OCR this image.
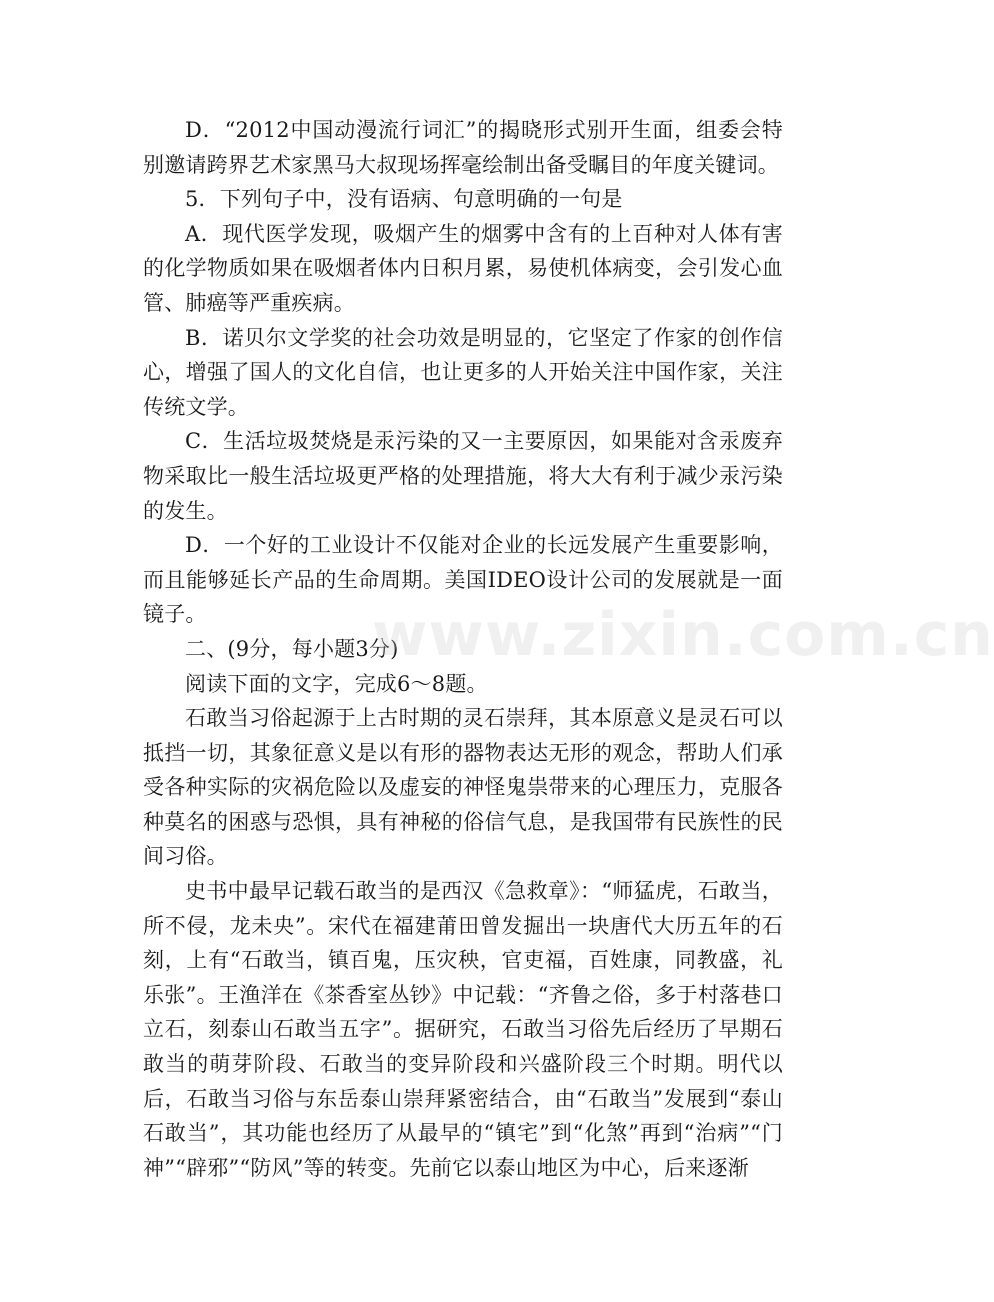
D．“2012中国动漫流行词汇”的揭晓形式别开生面，组委会特别邀请跨界艺术家黑马大叔现场挥毫绘制出备受瞩目的年度关键词。

5．下列句子中，没有语病、句意明确的一句是

A．现代医学发现，吸烟产生的烟雾中含有的上百种对人体有害的化学物质如果在吸烟者体内日积月累，易使机体病变，会引发心血管、肺癌等严重疾病。

B．诺贝尔文学奖的社会功效是明显的，它坚定了作家的创作信心，增强了国人的文化自信，也让更多的人开始关注中国作家，关注传统文学。

C．生活垃圾焚烧是汞污染的又一主要原因，如果能对含汞废弃物采取比一般生活垃圾更严格的处理措施，将大大有利于减少汞污染的发生。

D．一个好的工业设计不仅能对企业的长远发展产生重要影响，而且能够延长产品的生命周期。美国IDEO设计公司的发展就是一面镜子。

二、(9分，每小题3分)

阅读下面的文字，完成6～8题。

石敢当习俗起源于上古时期的灵石崇拜，其本原意义是灵石可以抵挡一切，其象征意义是以有形的器物表达无形的观念，帮助人们承受各种实际的灾祸危险以及虚妄的神怪鬼祟带来的心理压力，克服各种莫名的困惑与恐惧，具有神秘的俗信气息，是我国带有民族性的民间习俗。

史书中最早记载石敢当的是西汉《急救章》：“师猛虎，石敢当，所不侵，龙未央”。宋代在福建莆田曾发掘出一块唐代大历五年的石刻，上有“石敢当，镇百鬼，压灾秧，官吏福，百姓康，同教盛，礼乐张”。王渔洋在《茶香室丛钞》中记载：“齐鲁之俗，多于村落巷口立石，刻泰山石敢当五字”。据研究，石敢当习俗先后经历了早期石敢当的萌芽阶段、石敢当的变异阶段和兴盛阶段三个时期。明代以后，石敢当习俗与东岳泰山崇拜紧密结合，由“石敢当”发展到“泰山石敢当”，其功能也经历了从最早的“镇宅”到“化煞”再到“治病”“门神”“辟邪”“防风”等的转变。先前它以泰山地区为中心，后来逐渐

www.zixin.com.cn
